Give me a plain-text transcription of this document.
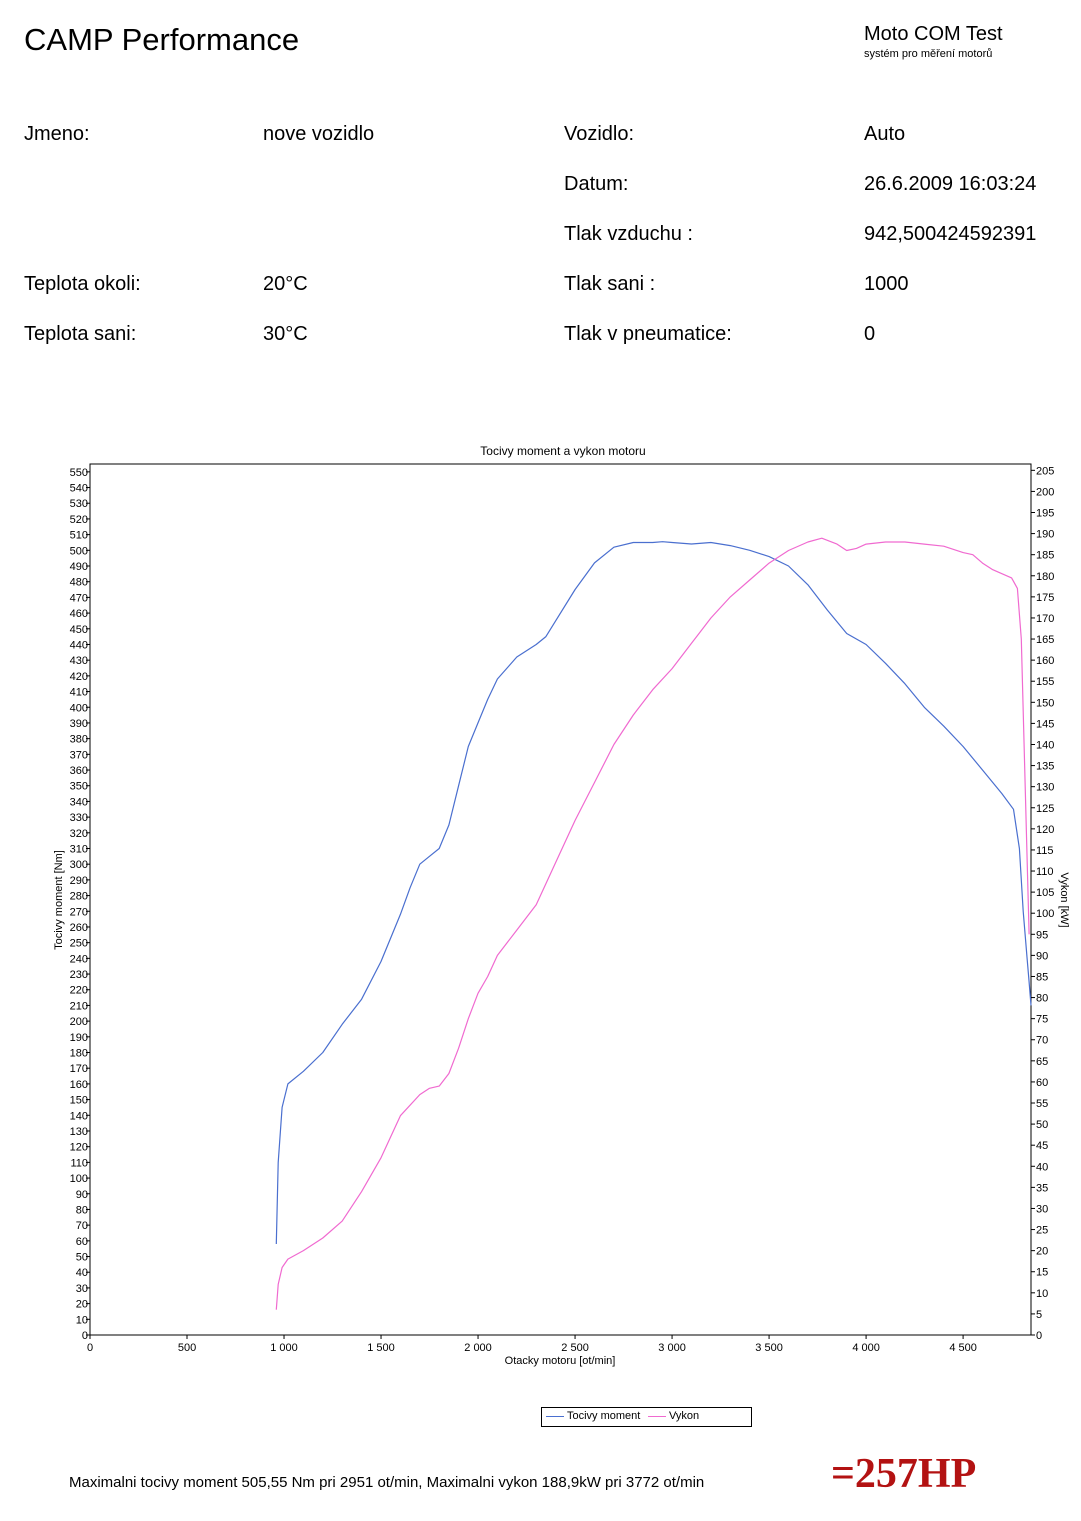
CAMP Performance	Moto COM Test
systém pro měření motorů
Jmeno:	nove vozidlo
Teplota okoli:	20°C
Teplota sani:	30°C
Vozidlo:	Auto
Datum:	26.6.2009 16:03:24
Tlak vzduchu :	942,500424592391
Tlak sani :	1000
Tlak v pneumatice:	0
Tocivy moment a vykon motoru
0
10
20
30
40
50
60
70
80
90
100
110
120
130
140
150
160
170
180
190
200
210
220
230
240
250
260
270
280
290
300
310
320
330
340
350
360
370
380
390
400
410
420
430
440
450
460
470
480
490
500
510
520
530
540
550
0
5
10
15
20
25
30
35
40
45
50
55
60
65
70
75
80
85
90
95
100
105
110
115
120
125
130
135
140
145
150
155
160
165
170
175
180
185
190
195
200
205
0	500	1 000	1 500	2 000	2 500	3 000	3 500	4 000	4 500
Otacky motoru [ot/min]
Tocivy moment [Nm]	Vykon [kW]
Tocivy moment	Vykon
Maximalni tocivy moment 505,55 Nm pri 2951 ot/min, Maximalni vykon 188,9kW pri 3772 ot/min	=257HP
